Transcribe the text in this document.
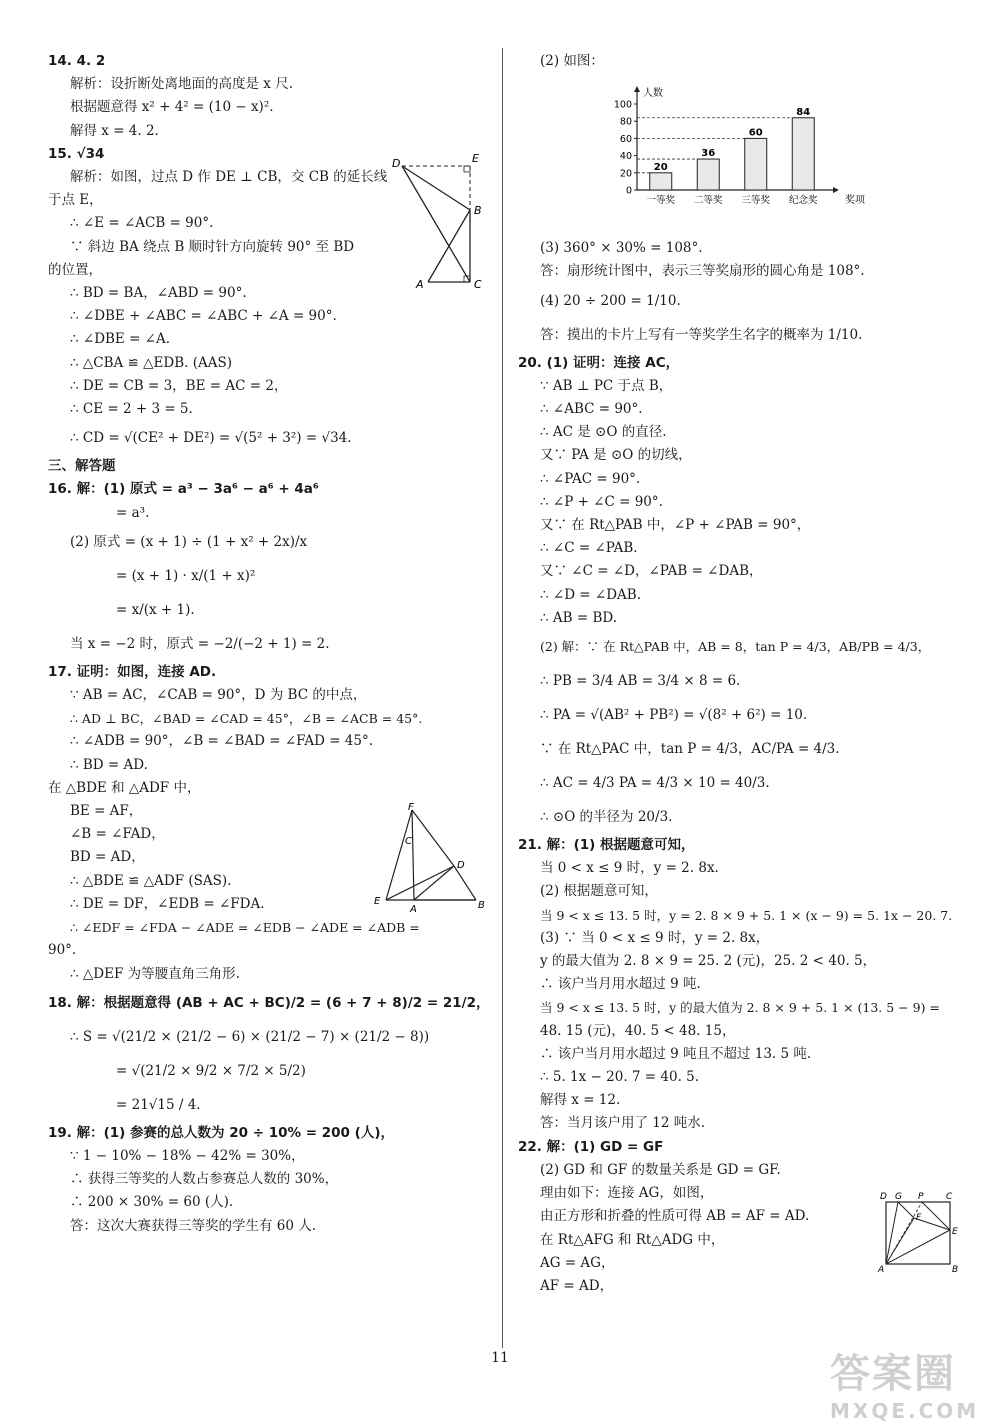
14. 4. 2
解析：设折断处离地面的高度是 x 尺.
根据题意得 x² + 4² = (10 − x)².
解得 x = 4. 2.
15. √34
解析：如图，过点 D 作 DE ⊥ CB，交 CB 的延长线
于点 E，
∴ ∠E = ∠ACB = 90°.
∵ 斜边 BA 绕点 B 顺时针方向旋转 90° 至 BD
的位置，
∴ BD = BA，∠ABD = 90°.
∴ ∠DBE + ∠ABC = ∠ABC + ∠A = 90°.
∴ ∠DBE = ∠A.
∴ △CBA ≌ △EDB. (AAS)
∴ DE = CB = 3，BE = AC = 2，
∴ CE = 2 + 3 = 5.
∴ CD = √(CE² + DE²) = √(5² + 3²) = √34.
三、解答题
16. 解：(1) 原式 = a³ − 3a⁶ − a⁶ + 4a⁶
= a³.
(2) 原式 = (x + 1) ÷ (1 + x² + 2x)/x
= (x + 1) · x/(1 + x)²
= x/(x + 1).
当 x = −2 时，原式 = −2/(−2 + 1) = 2.
17. 证明：如图，连接 AD.
∵ AB = AC，∠CAB = 90°，D 为 BC 的中点，
∴ AD ⊥ BC，∠BAD = ∠CAD = 45°，∠B = ∠ACB = 45°.
∴ ∠ADB = 90°，∠B = ∠BAD = ∠FAD = 45°.
∴ BD = AD.
在 △BDE 和 △ADF 中，
BE = AF，
∠B = ∠FAD，
BD = AD，
∴ △BDE ≌ △ADF (SAS).
∴ DE = DF，∠EDB = ∠FDA.
∴ ∠EDF = ∠FDA − ∠ADE = ∠EDB − ∠ADE = ∠ADB =
90°.
∴ △DEF 为等腰直角三角形.
18. 解：根据题意得 (AB + AC + BC)/2 = (6 + 7 + 8)/2 = 21/2，
∴ S = √(21/2 × (21/2 − 6) × (21/2 − 7) × (21/2 − 8))
= √(21/2 × 9/2 × 7/2 × 5/2)
= 21√15 / 4.
19. 解：(1) 参赛的总人数为 20 ÷ 10% = 200 (人)，
∵ 1 − 10% − 18% − 42% = 30%，
∴ 获得三等奖的人数占参赛总人数的 30%，
∴ 200 × 30% = 60 (人).
答：这次大赛获得三等奖的学生有 60 人.
D	E
B
A	C
F
C
D
E
A	B
(2) 如图：
(3) 360° × 30% = 108°.
答：扇形统计图中，表示三等奖扇形的圆心角是 108°.
(4) 20 ÷ 200 = 1/10.
答：摸出的卡片上写有一等奖学生名字的概率为 1/10.
20. (1) 证明：连接 AC，
∵ AB ⊥ PC 于点 B，
∴ ∠ABC = 90°.
∴ AC 是 ⊙O 的直径.
又∵ PA 是 ⊙O 的切线，
∴ ∠PAC = 90°.
∴ ∠P + ∠C = 90°.
又∵ 在 Rt△PAB 中，∠P + ∠PAB = 90°，
∴ ∠C = ∠PAB.
又∵ ∠C = ∠D，∠PAB = ∠DAB，
∴ ∠D = ∠DAB.
∴ AB = BD.
(2) 解：∵ 在 Rt△PAB 中，AB = 8，tan P = 4/3，AB/PB = 4/3，
∴ PB = 3/4 AB = 3/4 × 8 = 6.
∴ PA = √(AB² + PB²) = √(8² + 6²) = 10.
∵ 在 Rt△PAC 中，tan P = 4/3，AC/PA = 4/3.
∴ AC = 4/3 PA = 4/3 × 10 = 40/3.
∴ ⊙O 的半径为 20/3.
21. 解：(1) 根据题意可知，
当 0 < x ≤ 9 时，y = 2. 8x.
(2) 根据题意可知，
当 9 < x ≤ 13. 5 时，y = 2. 8 × 9 + 5. 1 × (x − 9) = 5. 1x − 20. 7.
(3) ∵ 当 0 < x ≤ 9 时，y = 2. 8x，
y 的最大值为 2. 8 × 9 = 25. 2 (元)，25. 2 < 40. 5，
∴ 该户当月用水超过 9 吨.
当 9 < x ≤ 13. 5 时，y 的最大值为 2. 8 × 9 + 5. 1 × (13. 5 − 9) =
48. 15 (元)，40. 5 < 48. 15，
∴ 该户当月用水超过 9 吨且不超过 13. 5 吨.
∴ 5. 1x − 20. 7 = 40. 5.
解得 x = 12.
答：当月该户用了 12 吨水.
22. 解：(1) GD = GF
(2) GD 和 GF 的数量关系是 GD = GF.
理由如下：连接 AG，如图，
由正方形和折叠的性质可得 AB = AF = AD.
在 Rt△AFG 和 Rt△ADG 中，
AG = AG，
AF = AD，
人数
奖项
0
20
40
60
80
100
20
一等奖
36
二等奖
60
三等奖
84
纪念奖
D G P	C
F
E
A	B
11	答案圈
MXQE.COM
